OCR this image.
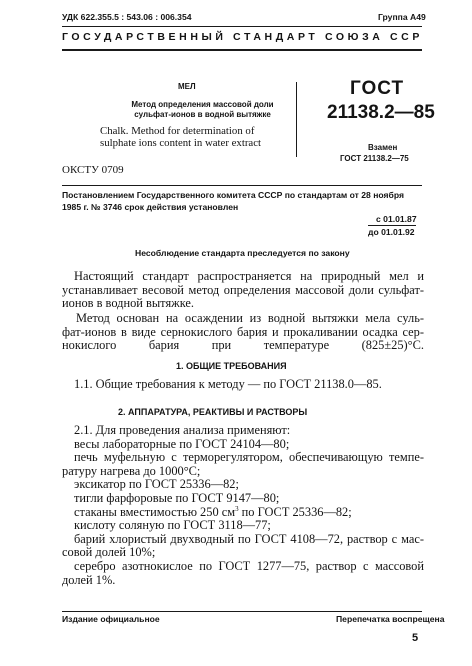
УДК 622.355.5 : 543.06 : 006.354	Группа А49
ГОСУДАРСТВЕННЫЙ СТАНДАРТ СОЮЗА ССР
МЕЛ
Метод определения массовой доли
сульфат-ионов в водной вытяжке
Chalk. Method for determination of
sulphate ions content in water extract
ГОСТ
21138.2—85
Взамен
ГОСТ 21138.2—75
ОКСТУ 0709
Постановлением Государственного комитета СССР по стандартам от 28 ноября
1985 г. № 3746 срок действия установлен
с 01.01.87
до 01.01.92
Несоблюдение стандарта преследуется по закону
Настоящий стандарт распространяется на природный мел и
устанавливает весовой метод определения массовой доли сульфат-
ионов в водной вытяжке.
Метод основан на осаждении из водной вытяжки мела суль-
фат-ионов в виде сернокислого бария и прокаливании осадка сер-
нокислого бария при температуре (825±25)°С.
1. ОБЩИЕ ТРЕБОВАНИЯ
1.1. Общие требования к методу — по ГОСТ 21138.0—85.
2. АППАРАТУРА, РЕАКТИВЫ И РАСТВОРЫ
2.1. Для проведения анализа применяют:
весы лабораторные по ГОСТ 24104—80;
печь муфельную с терморегулятором, обеспечивающую темпе-
ратуру нагрева до 1000°С;
эксикатор по ГОСТ 25336—82;
тигли фарфоровые по ГОСТ 9147—80;
стаканы вместимостью 250 $см^3$ по ГОСТ 25336—82;
кислоту соляную по ГОСТ 3118—77;
барий хлористый двухводный по ГОСТ 4108—72, раствор с мас-
совой долей 10%;
серебро азотнокислое по ГОСТ 1277—75, раствор с массовой
долей 1%.
Издание официальное	Перепечатка воспрещена
5
